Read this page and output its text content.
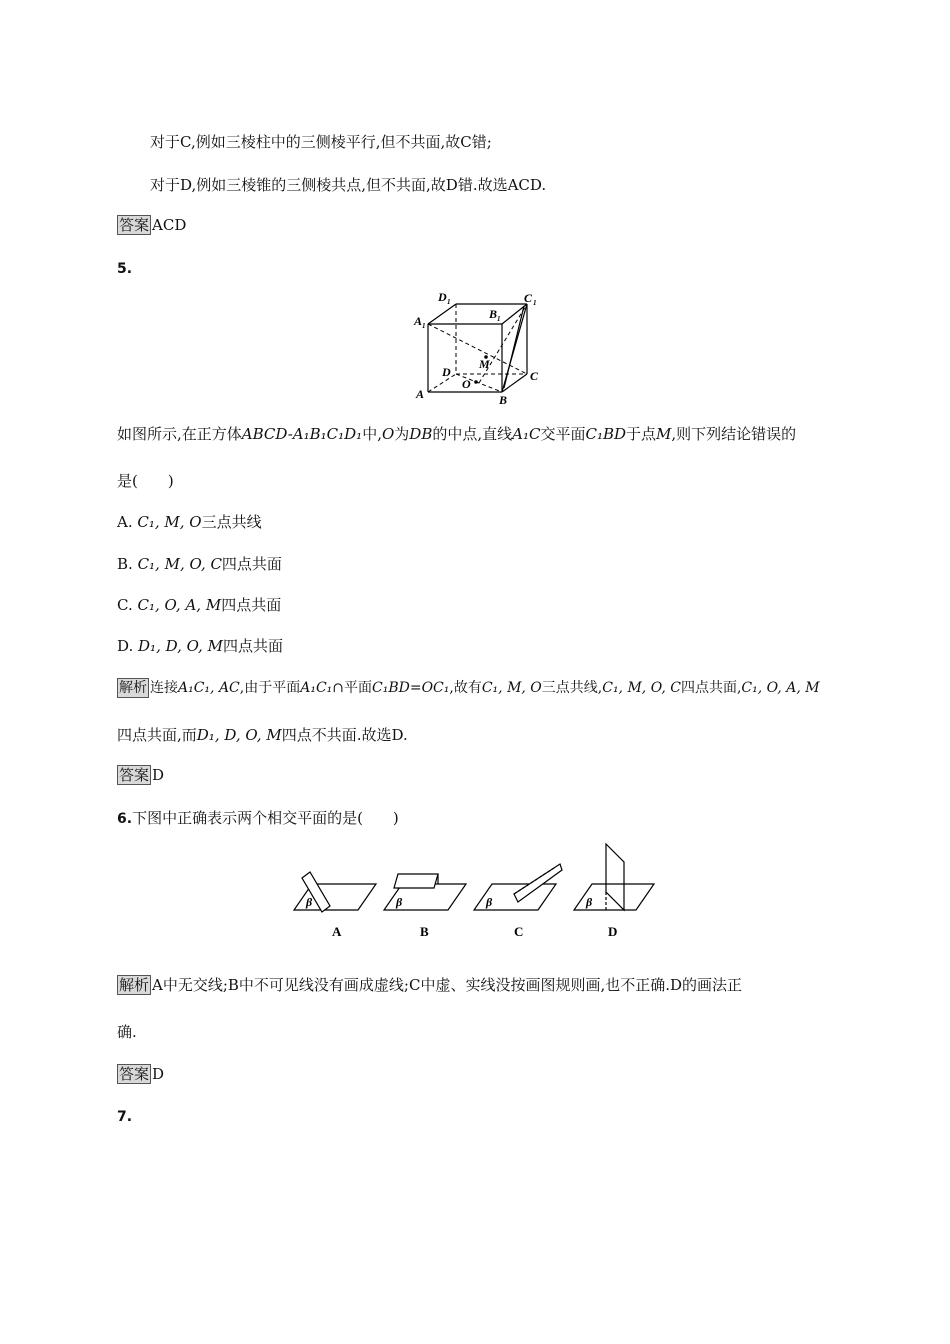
对于C,例如三棱柱中的三侧棱平行,但不共面,故C错;
对于D,例如三棱锥的三侧棱共点,但不共面,故D错.故选ACD.
答案 ACD
5.
D 1	C 1
A 1
B 1
M
D
O
C
A	B
如图所示,在正方体ABCD-A₁B₁C₁D₁中,O为DB的中点,直线A₁C交平面C₁BD于点M,则下列结论错误的
是(　　)
A. C₁, M, O三点共线
B. C₁, M, O, C四点共面
C. C₁, O, A, M四点共面
D. D₁, D, O, M四点共面
解析 连接A₁C₁, AC,由于平面A₁C₁∩平面C₁BD=OC₁,故有C₁, M, O三点共线,C₁, M, O, C四点共面,C₁, O, A, M
四点共面,而D₁, D, O, M四点不共面.故选D.
答案 D
6.下图中正确表示两个相交平面的是(　　)
β	β	β	β
A	B	C	D
解析 A中无交线;B中不可见线没有画成虚线;C中虚、实线没按画图规则画,也不正确.D的画法正
确.
答案 D
7.
